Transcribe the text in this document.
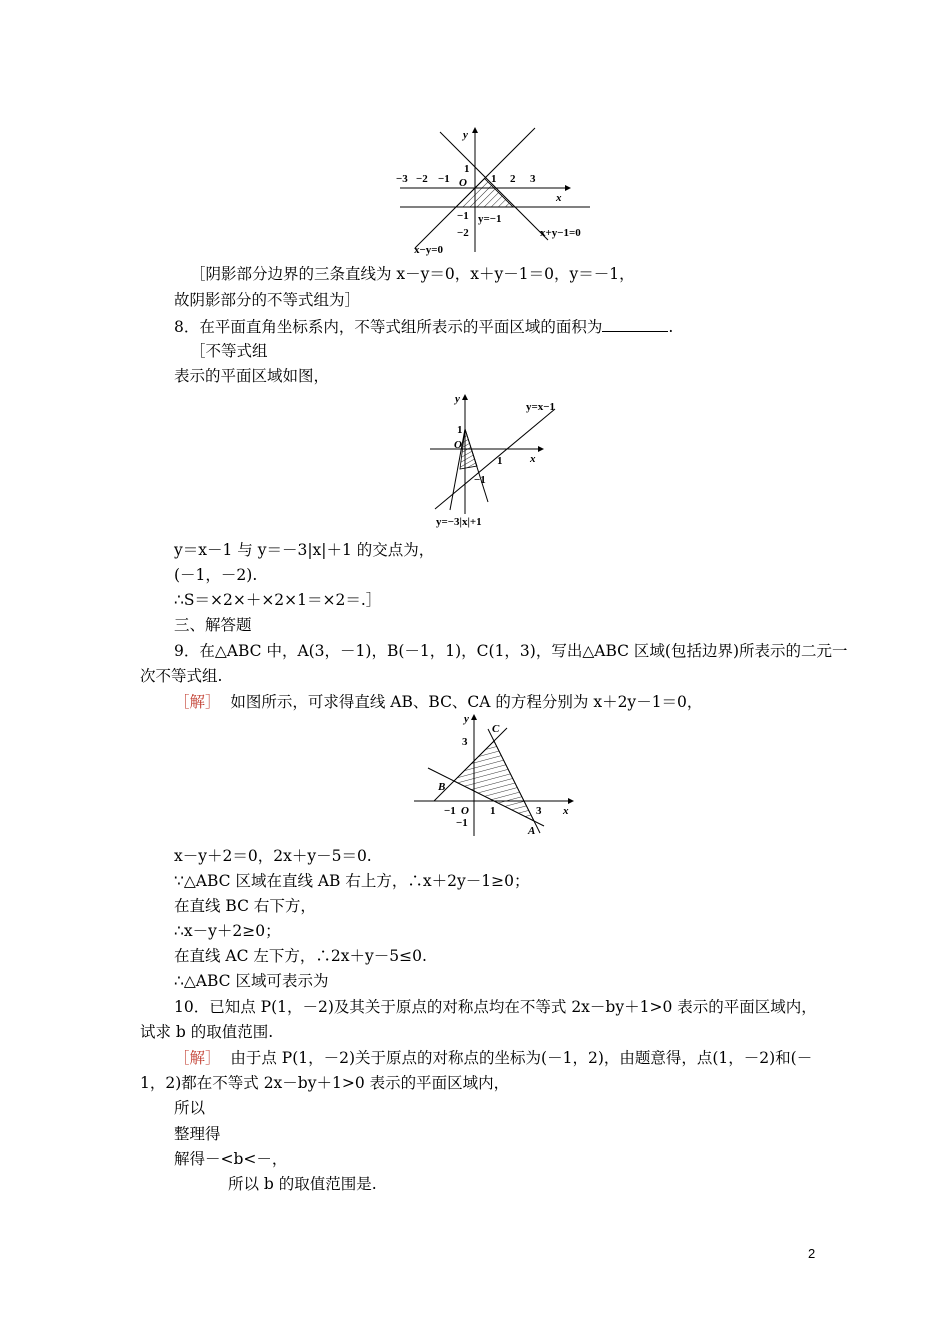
y
x
O
−3 −2 −1	1 2 3
1
−1
−2
y=−1
x+y−1=0
x−y=0
［阴影部分边界的三条直线为 x－y＝0，x＋y－1＝0，y＝－1，
故阴影部分的不等式组为］
8．在平面直角坐标系内，不等式组所表示的平面区域的面积为	.
［不等式组
表示的平面区域如图，
y
x
O
1
1
−1
y=x−1
y=−3|x|+1
y＝x－1 与 y＝－3|x|＋1 的交点为，
(－1，－2).
∴S＝×2×＋×2×1＝×2＝.］
三、解答题
9．在△ABC 中，A(3，－1)，B(－1，1)，C(1，3)，写出△ABC 区域(包括边界)所表示的二元一
次不等式组.
［解］ 如图所示，可求得直线 AB、BC、CA 的方程分别为 x＋2y－1＝0，
y
x
O
3
−1	1	3
−1
A
B
C
x－y＋2＝0，2x＋y－5＝0.
∵△ABC 区域在直线 AB 右上方，∴x＋2y－1≥0；
在直线 BC 右下方，
∴x－y＋2≥0；
在直线 AC 左下方，∴2x＋y－5≤0.
∴△ABC 区域可表示为
10．已知点 P(1，－2)及其关于原点的对称点均在不等式 2x－by＋1>0 表示的平面区域内，
试求 b 的取值范围.
［解］ 由于点 P(1，－2)关于原点的对称点的坐标为(－1，2)，由题意得，点(1，－2)和(－
1，2)都在不等式 2x－by＋1>0 表示的平面区域内，
所以
整理得
解得－<b<－，
所以 b 的取值范围是.
2
